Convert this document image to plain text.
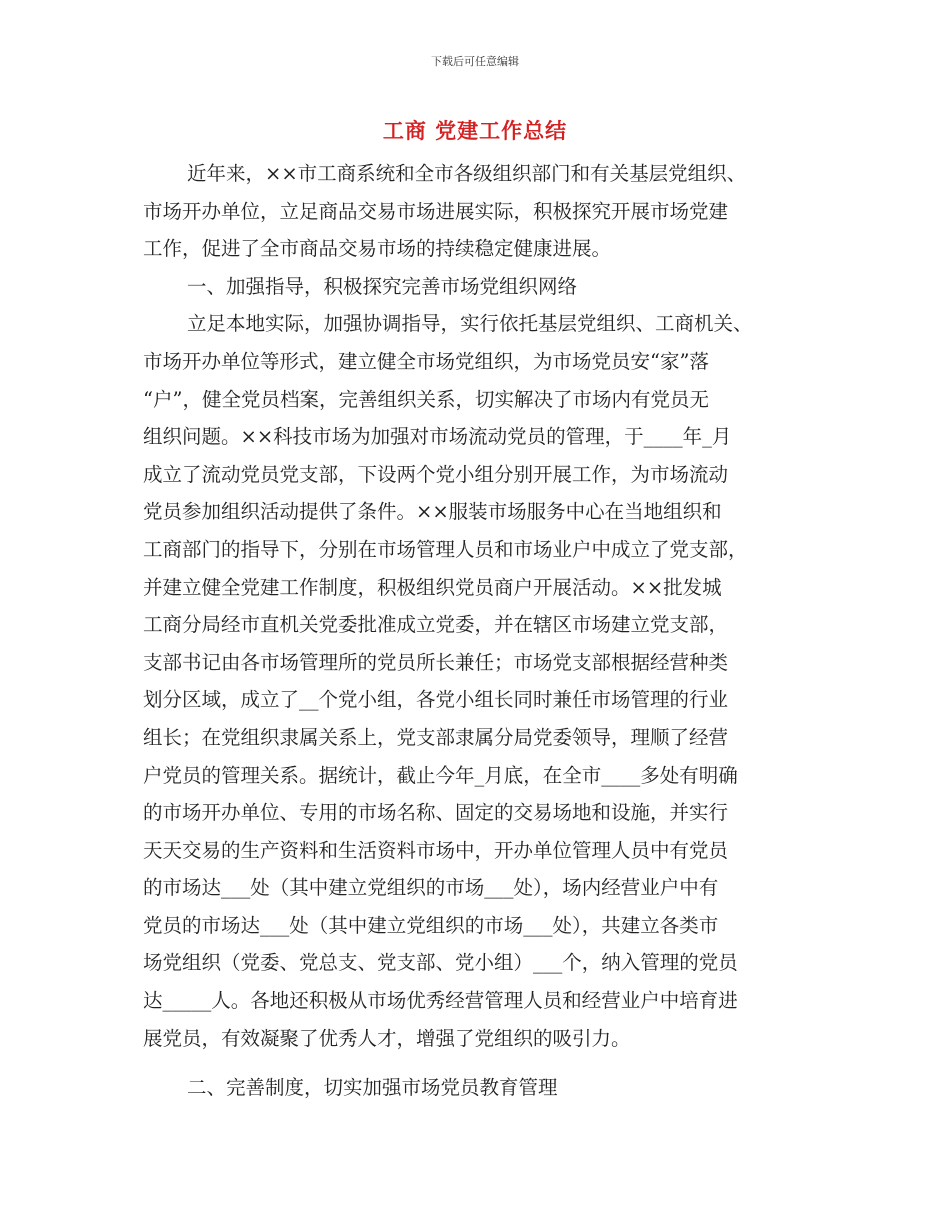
下载后可任意编辑
工商 党建工作总结
近年来，××市工商系统和全市各级组织部门和有关基层党组织、
市场开办单位，立足商品交易市场进展实际，积极探究开展市场党建
工作，促进了全市商品交易市场的持续稳定健康进展。
一、加强指导，积极探究完善市场党组织网络
立足本地实际，加强协调指导，实行依托基层党组织、工商机关、
市场开办单位等形式，建立健全市场党组织，为市场党员安“家”落
“户”，健全党员档案，完善组织关系，切实解决了市场内有党员无
组织问题。××科技市场为加强对市场流动党员的管理，于____年_月
成立了流动党员党支部，下设两个党小组分别开展工作，为市场流动
党员参加组织活动提供了条件。××服装市场服务中心在当地组织和
工商部门的指导下，分别在市场管理人员和市场业户中成立了党支部，
并建立健全党建工作制度，积极组织党员商户开展活动。××批发城
工商分局经市直机关党委批准成立党委，并在辖区市场建立党支部，
支部书记由各市场管理所的党员所长兼任；市场党支部根据经营种类
划分区域，成立了__个党小组，各党小组长同时兼任市场管理的行业
组长；在党组织隶属关系上，党支部隶属分局党委领导，理顺了经营
户党员的管理关系。据统计，截止今年_月底，在全市____多处有明确
的市场开办单位、专用的市场名称、固定的交易场地和设施，并实行
天天交易的生产资料和生活资料市场中，开办单位管理人员中有党员
的市场达___处（其中建立党组织的市场___处），场内经营业户中有
党员的市场达___处（其中建立党组织的市场___处），共建立各类市
场党组织（党委、党总支、党支部、党小组）___个，纳入管理的党员
达_____人。各地还积极从市场优秀经营管理人员和经营业户中培育进
展党员，有效凝聚了优秀人才，增强了党组织的吸引力。
二、完善制度，切实加强市场党员教育管理
